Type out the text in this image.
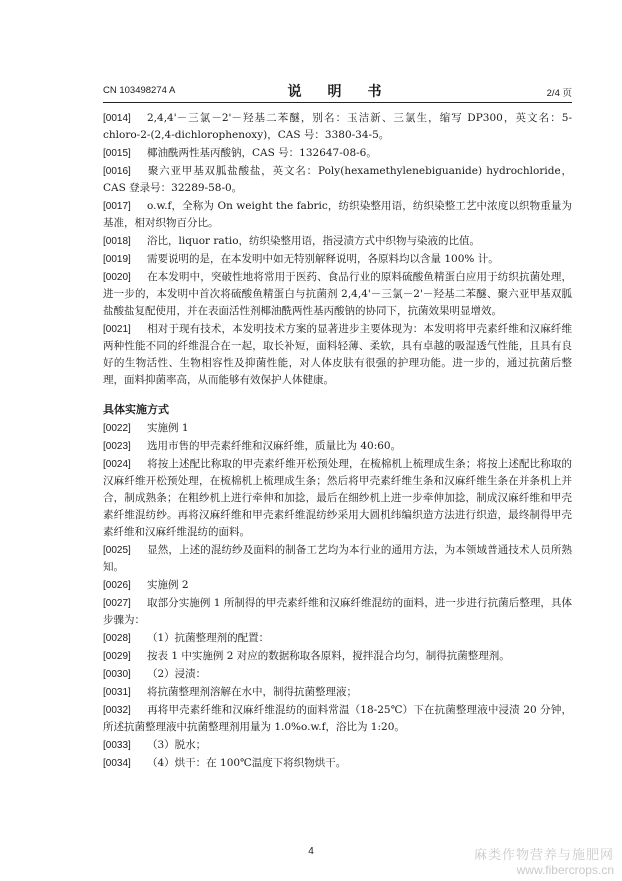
CN 103498274 A	说　明　书	2/4 页
[0014] 2,4,4'－三氯－2'－羟基二苯醚，别名：玉洁新、三氯生，缩写 DP300，英文名：5-chloro-2-(2,4-dichlorophenoxy)，CAS 号：3380-34-5。
[0015] 椰油酰两性基丙酸钠，CAS 号：132647-08-6。
[0016] 聚六亚甲基双胍盐酸盐，英文名：Poly(hexamethylenebiguanide) hydrochloride，CAS 登录号：32289-58-0。
[0017] o.w.f，全称为 On weight the fabric，纺织染整用语，纺织染整工艺中浓度以织物重量为基准，相对织物百分比。
[0018] 浴比，liquor ratio，纺织染整用语，指浸渍方式中织物与染液的比值。
[0019] 需要说明的是，在本发明中如无特别解释说明，各原料均以含量 100% 计。
[0020] 在本发明中，突破性地将常用于医药、食品行业的原料硫酸鱼精蛋白应用于纺织抗菌处理，进一步的，本发明中首次将硫酸鱼精蛋白与抗菌剂 2,4,4'－三氯－2'－羟基二苯醚、聚六亚甲基双胍盐酸盐复配使用，并在表面活性剂椰油酰两性基丙酸钠的协同下，抗菌效果明显增效。
[0021] 相对于现有技术，本发明技术方案的显著进步主要体现为：本发明将甲壳素纤维和汉麻纤维两种性能不同的纤维混合在一起，取长补短，面料轻薄、柔软，具有卓越的吸湿透气性能，且具有良好的生物活性、生物相容性及抑菌性能，对人体皮肤有很强的护理功能。进一步的，通过抗菌后整理，面料抑菌率高，从而能够有效保护人体健康。
具体实施方式
[0022] 实施例 1
[0023] 选用市售的甲壳素纤维和汉麻纤维，质量比为 40:60。
[0024] 将按上述配比称取的甲壳素纤维开松预处理，在梳棉机上梳理成生条；将按上述配比称取的汉麻纤维开松预处理，在梳棉机上梳理成生条；然后将甲壳素纤维生条和汉麻纤维生条在并条机上并合，制成熟条；在粗纱机上进行牵伸和加捻，最后在细纱机上进一步牵伸加捻，制成汉麻纤维和甲壳素纤维混纺纱。再将汉麻纤维和甲壳素纤维混纺纱采用大圆机纬编织造方法进行织造，最终制得甲壳素纤维和汉麻纤维混纺的面料。
[0025] 显然，上述的混纺纱及面料的制备工艺均为本行业的通用方法，为本领域普通技术人员所熟知。
[0026] 实施例 2
[0027] 取部分实施例 1 所制得的甲壳素纤维和汉麻纤维混纺的面料，进一步进行抗菌后整理，具体步骤为：
[0028] （1）抗菌整理剂的配置：
[0029] 按表 1 中实施例 2 对应的数据称取各原料，搅拌混合均匀，制得抗菌整理剂。
[0030] （2）浸渍：
[0031] 将抗菌整理剂溶解在水中，制得抗菌整理液；
[0032] 再将甲壳素纤维和汉麻纤维混纺的面料常温（18-25℃）下在抗菌整理液中浸渍 20 分钟，所述抗菌整理液中抗菌整理剂用量为 1.0%o.w.f，浴比为 1:20。
[0033] （3）脱水；
[0034] （4）烘干：在 100℃温度下将织物烘干。
4	麻类作物营养与施肥网
www.fibercrops.cn
